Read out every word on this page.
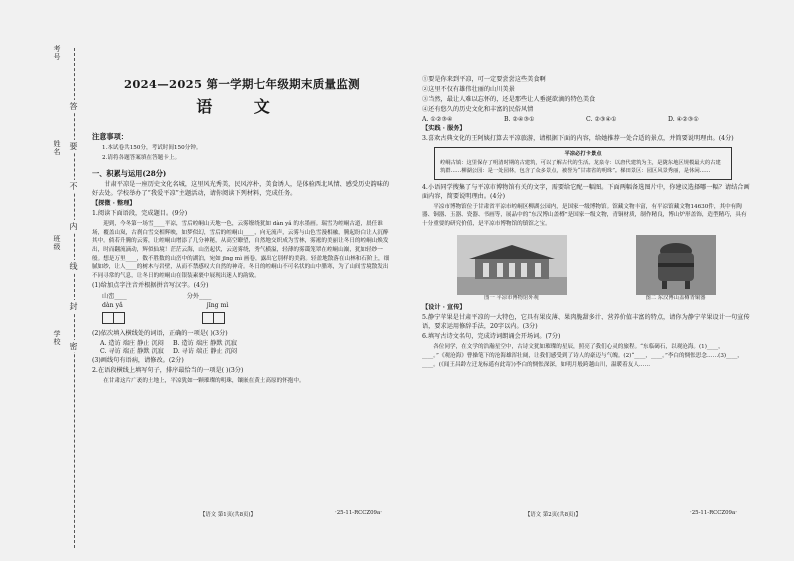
考号
姓名
班级
学校
答
要
不
内
线
封
密
2024—2025 第一学期七年级期末质量监测
语 文
注意事项：
1.本试卷共150分，考试时间150分钟。
2.请将各题答案填在答题卡上。
一、积累与运用(28分)
甘肃平凉是一座历史文化名城，这里风光秀美，民风淳朴，美食诱人，是体验西北风情、感受历史韵味的好去处。学校举办了“我爱平凉”主题活动，请你阅读下列材料，完成任务。
【探微 · 整理】
1.阅读下面语段，完成题目。(9分)
迎到，今冬第一场雪____平凉，雪后崆峒山天地一色，云雾缭绕犹如 dàn yǎ 的水墨画。瑞雪为崆峒古道，晨任谁场，覆盖山岚，古刹白雪交相辉映，如梦似幻，雪后的崆峒山____，向无流声，云雾与山色雪漫相融，腾起纷白让人沉醉其中。倘若升腾的云雾，让崆峒山增添了几分神秘，从高空瞭望，自然地交织成为雪林，雾凇的美丽让冬日的崆峒山焕发出，时而翻流滴动，辉似仙境！茫茫云海，山峦起伏，云送雾绕，秀气横溢，轻薄的雾霭笼罩在崆峒山巅，犹如轻纱一般。想是万里____，数不胜数的山峦中的湖泊，宛如 jīng mì 画卷，露出它别样的美韵。轻盈地散落在山林和石阶上，细腻如纱，让人____的树木与岩壁，从而不禁感叹大自然的神奇。冬日的崆峒山不可名状的山中腊寒，为了山间雪境散发出不同寻常的气息，让冬日的崆峒山在银装素裹中展现出迷人的韵致。
(1)给加点字注音并根据拼音写汉字。(4分)
山峦____	分外____
dàn yǎ	jīng mì
(2)依次填入横线处的词语，正确的一项是( )(3分)
A. 造访 端庄 静止 沉闷	B. 造访 端庄 静默 沉寂
C. 寻访 端正 静默 沉寂	D. 寻访 端正 静止 沉闷
(3)画线句有语病，请修改。(2分)
2.在语段横线上填写句子，排序最恰当的一项是( )(3分)
在甘肃这片广袤的土地上，平凉犹如一颗璀璨的明珠，镶嵌在黄土高原的怀抱中。
①要是你来到平凉，可一定要尝尝这些美食啊
②这里不仅有雄伟壮丽的山川美景
③当然，最让人难以忘怀的，还是那些让人垂涎欲滴的特色美食
④还有悠久的历史文化和丰富的民俗风情
A. ①②③④	B. ②④③①	C. ②③④①	D. ④②③①
【实践 · 服务】
3.喜欢古典文化的王阿姨打算去平凉旅游，请根据下面的内容，给她推荐一处合适的景点，并简要说明理由。(4分)
平凉必打卡景点
崆峒古镇：这里保存了明清时期的古建筑，可以了解古代的生活。龙泉寺：以唐代建筑为主，是陇东地区规模最大的古建筑群……柳湖公园：是一处园林，包含了众多景点，被誉为“甘肃省的明珠”。梯田景区：园区风景秀丽，是休闲……
4.小语同学搜集了与平凉市博物馆有关的文字，需要给它配一幅图。下面两幅备选图片中，你建议选择哪一幅？请结合画面内容，简要说明理由。(4分)
平凉市博物馆位于甘肃省平凉市崆峒区柳湖公园内，是国家一级博物馆。馆藏文物丰富，有平凉馆藏文物14630件，其中有陶器、铜器、玉器、瓷器、书画等，展品中的“东汉博山盖樽”是国家一级文物，青铜材质，制作精良，博山炉形盖饰，造型精巧，具有十分重要的研究价值，是平凉市博物馆的镇馆之宝。
图一 平凉市博物馆外观	图二 东汉博山盖樽青铜器
【设计 · 宣传】
5.静宁苹果是甘肃平凉的一大特色，它具有果皮薄、果肉脆甜多汁、营养价值丰富的特点，请你为静宁苹果设计一句宣传语，要求运用修辞手法，20字以内。(3分)
6.填写古诗文名句，完成诗词朗诵会开场词。(7分)
各位同学，在文学的浩瀚星空中，古诗文犹如璀璨的星辰，照亮了我们心灵的旅程。“东临碣石，以观沧海。(1)____，____。”《观沧海》曹操笔下的沧海雄浑壮阔，让我们感受到了诗人的豪迈与气魄。(2)“____，____。”李白的惆怅思念……(3)____，____。(《闻王昌龄左迁龙标遥有此寄》)李白的惆怅深深，如明月般跨越山川，温暖着友人……
【语文 第1页(共8页)】	·25-11-RCCZ09a·	【语文 第2页(共8页)】	·25-11-RCCZ09a·
